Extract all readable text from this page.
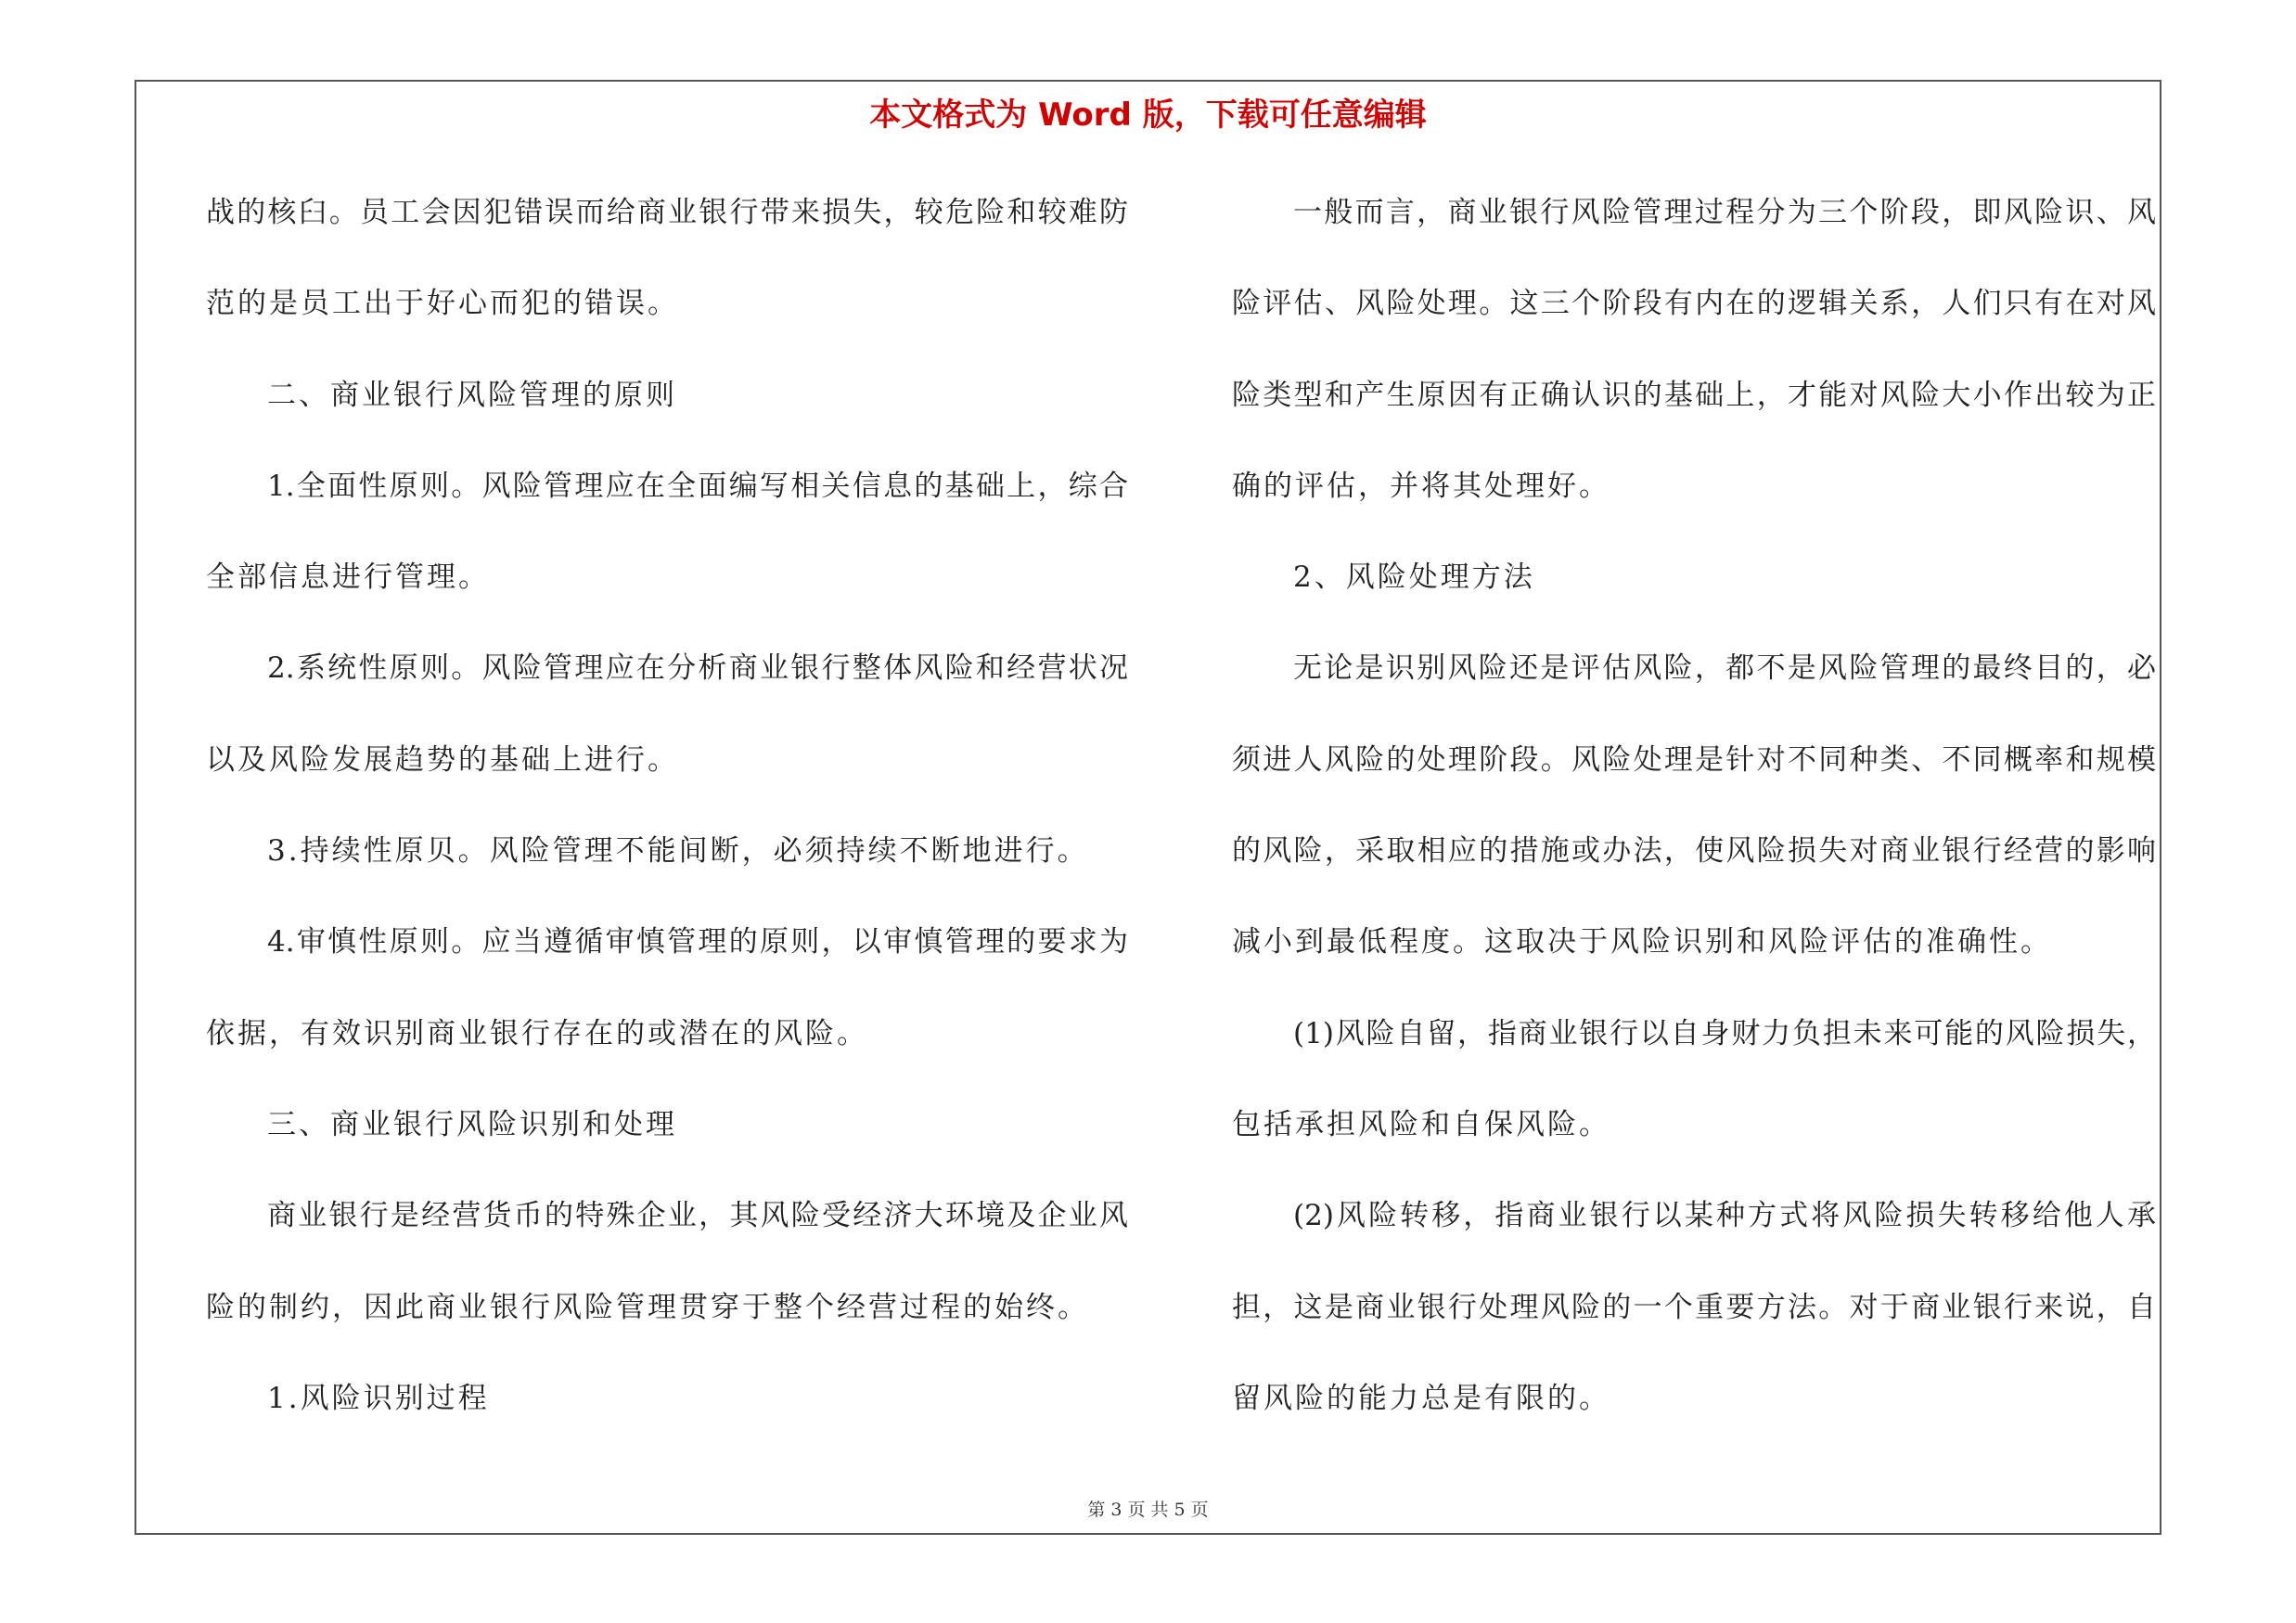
本文格式为 Word 版，下载可任意编辑
战的核臼。员工会因犯错误而给商业银行带来损失，较危险和较难防
范的是员工出于好心而犯的错误。
二、商业银行风险管理的原则
1.全面性原则。风险管理应在全面编写相关信息的基础上，综合
全部信息进行管理。
2.系统性原则。风险管理应在分析商业银行整体风险和经营状况
以及风险发展趋势的基础上进行。
3.持续性原贝。风险管理不能间断，必须持续不断地进行。
4.审慎性原则。应当遵循审慎管理的原则，以审慎管理的要求为
依据，有效识别商业银行存在的或潜在的风险。
三、商业银行风险识别和处理
商业银行是经营货币的特殊企业，其风险受经济大环境及企业风
险的制约，因此商业银行风险管理贯穿于整个经营过程的始终。
1.风险识别过程
一般而言，商业银行风险管理过程分为三个阶段，即风险识、风
险评估、风险处理。这三个阶段有内在的逻辑关系，人们只有在对风
险类型和产生原因有正确认识的基础上，才能对风险大小作出较为正
确的评估，并将其处理好。
2、风险处理方法
无论是识别风险还是评估风险，都不是风险管理的最终目的，必
须进人风险的处理阶段。风险处理是针对不同种类、不同概率和规模
的风险，采取相应的措施或办法，使风险损失对商业银行经营的影响
减小到最低程度。这取决于风险识别和风险评估的准确性。
(1)风险自留，指商业银行以自身财力负担未来可能的风险损失，
包括承担风险和自保风险。
(2)风险转移，指商业银行以某种方式将风险损失转移给他人承
担，这是商业银行处理风险的一个重要方法。对于商业银行来说，自
留风险的能力总是有限的。
第 3 页 共 5 页
